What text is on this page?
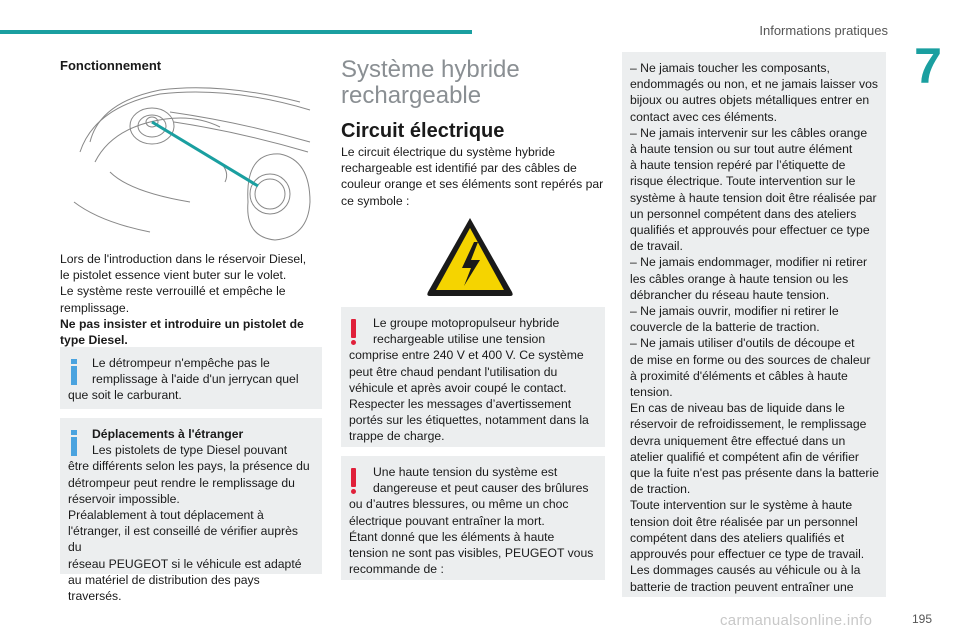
Informations pratiques
7
Fonctionnement
Lors de l'introduction dans le réservoir Diesel,
le pistolet essence vient buter sur le volet.
Le système reste verrouillé et empêche le
remplissage.
Ne pas insister et introduire un pistolet de
type Diesel.
Le détrompeur n'empêche pas le
remplissage à l'aide d'un jerrycan quel
que soit le carburant.
Déplacements à l'étranger
Les pistolets de type Diesel pouvant
être différents selon les pays, la présence du
détrompeur peut rendre le remplissage du
réservoir impossible.
Préalablement à tout déplacement à
l'étranger, il est conseillé de vérifier auprès du
réseau PEUGEOT si le véhicule est adapté
au matériel de distribution des pays traversés.
Système hybride
rechargeable
Circuit électrique
Le circuit électrique du système hybride
rechargeable est identifié par des câbles de
couleur orange et ses éléments sont repérés par
ce symbole :
Le groupe motopropulseur hybride
rechargeable utilise une tension
comprise entre 240 V et 400 V. Ce système
peut être chaud pendant l'utilisation du
véhicule et après avoir coupé le contact.
Respecter les messages d’avertissement
portés sur les étiquettes, notamment dans la
trappe de charge.
Une haute tension du système est
dangereuse et peut causer des brûlures
ou d’autres blessures, ou même un choc
électrique pouvant entraîner la mort.
Étant donné que les éléments à haute
tension ne sont pas visibles, PEUGEOT vous
recommande de :
– Ne jamais toucher les composants,
endommagés ou non, et ne jamais laisser vos
bijoux ou autres objets métalliques entrer en
contact avec ces éléments.
– Ne jamais intervenir sur les câbles orange
à haute tension ou sur tout autre élément
à haute tension repéré par l’étiquette de
risque électrique. Toute intervention sur le
système à haute tension doit être réalisée par
un personnel compétent dans des ateliers
qualifiés et approuvés pour effectuer ce type
de travail.
– Ne jamais endommager, modifier ni retirer
les câbles orange à haute tension ou les
débrancher du réseau haute tension.
– Ne jamais ouvrir, modifier ni retirer le
couvercle de la batterie de traction.
– Ne jamais utiliser d'outils de découpe et
de mise en forme ou des sources de chaleur
à proximité d'éléments et câbles à haute
tension.
En cas de niveau bas de liquide dans le
réservoir de refroidissement, le remplissage
devra uniquement être effectué dans un
atelier qualifié et compétent afin de vérifier
que la fuite n'est pas présente dans la batterie
de traction.
Toute intervention sur le système à haute
tension doit être réalisée par un personnel
compétent dans des ateliers qualifiés et
approuvés pour effectuer ce type de travail.
Les dommages causés au véhicule ou à la
batterie de traction peuvent entraîner une
carmanualsonline.info	195
